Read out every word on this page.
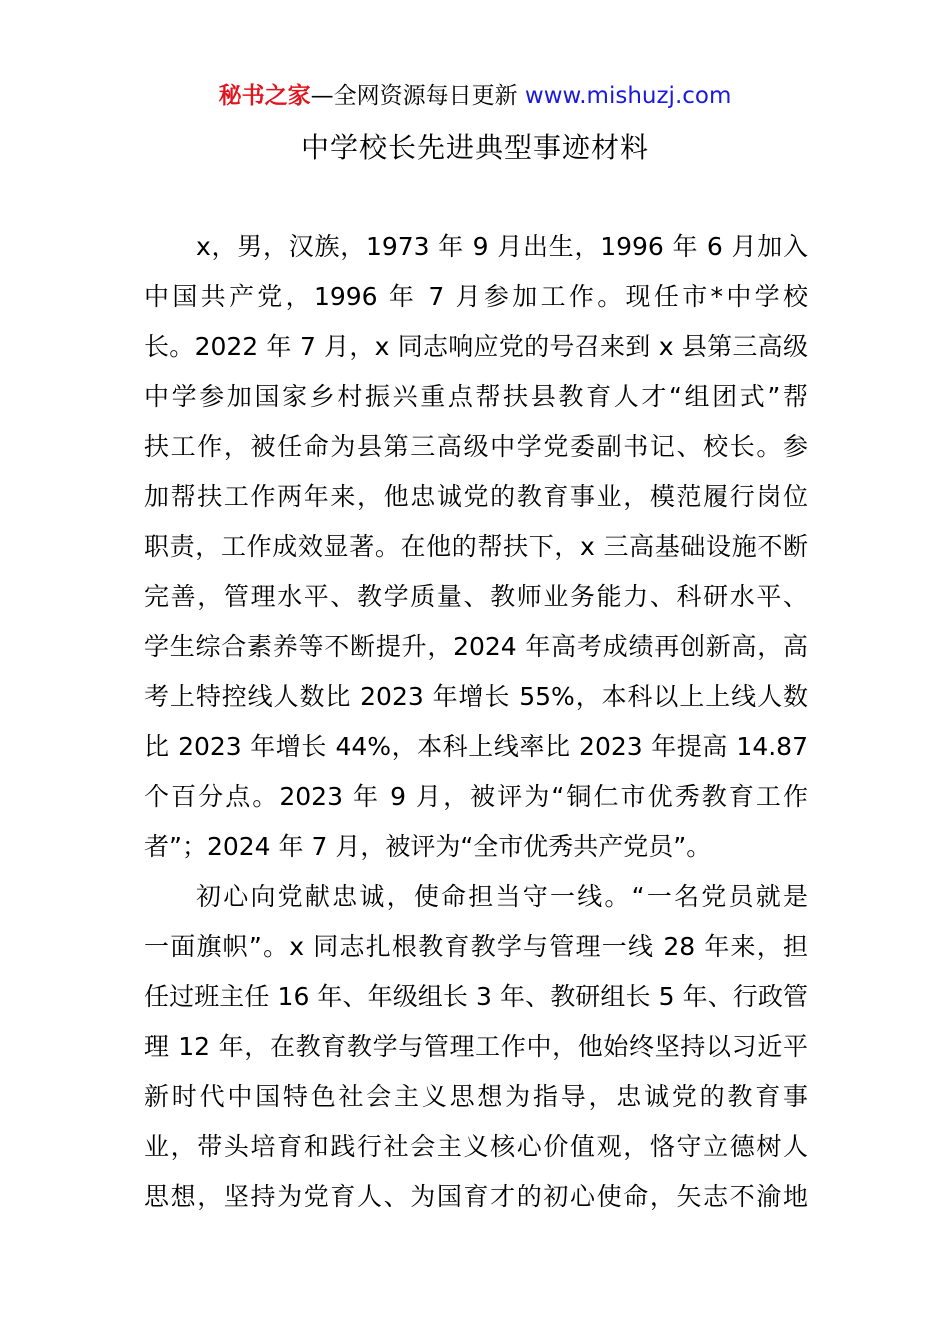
秘书之家—全网资源每日更新 www.mishuzj.com
中学校长先进典型事迹材料
x，男，汉族，1973 年 9 月出生，1996 年 6 月加入
中国共产党，1996 年 7 月参加工作。现任市*中学校
长。2022 年 7 月，x 同志响应党的号召来到 x 县第三高级
中学参加国家乡村振兴重点帮扶县教育人才“组团式”帮
扶工作，被任命为县第三高级中学党委副书记、校长。参
加帮扶工作两年来，他忠诚党的教育事业，模范履行岗位
职责，工作成效显著。在他的帮扶下，x 三高基础设施不断
完善，管理水平、教学质量、教师业务能力、科研水平、
学生综合素养等不断提升，2024 年高考成绩再创新高，高
考上特控线人数比 2023 年增长 55%，本科以上上线人数
比 2023 年增长 44%，本科上线率比 2023 年提高 14.87
个百分点。2023 年 9 月，被评为“铜仁市优秀教育工作
者”；2024 年 7 月，被评为“全市优秀共产党员”。
初心向党献忠诚，使命担当守一线。“一名党员就是
一面旗帜”。x 同志扎根教育教学与管理一线 28 年来，担
任过班主任 16 年、年级组长 3 年、教研组长 5 年、行政管
理 12 年，在教育教学与管理工作中，他始终坚持以习近平
新时代中国特色社会主义思想为指导，忠诚党的教育事
业，带头培育和践行社会主义核心价值观，恪守立德树人
思想，坚持为党育人、为国育才的初心使命，矢志不渝地
